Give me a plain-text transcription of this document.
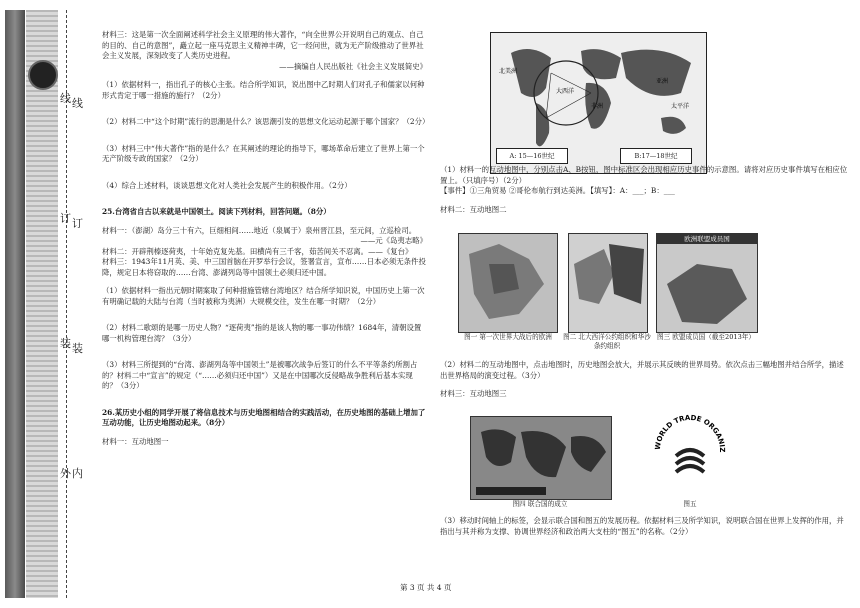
线 线
订 订
装 装
外 内

材料三：这是第一次全面阐述科学社会主义原理的伟大著作，“向全世界公开说明自己的观点、自己的目的、自己的意图”，矗立起一座马克思主义精神丰碑，它一经问世，就为无产阶级推动了世界社会主义发展，深刻改变了人类历史进程。

——摘编自人民出版社《社会主义发展简史》

（1）依据材料一，指出孔子的核心主张。结合所学知识，说出图中乙时期人们对孔子和儒家以何种形式肯定于哪一措施的施行？（2分）

（2）材料二中“这个时期”流行的思潮是什么？该思潮引发的思想文化运动起源于哪个国家？（2分）

（3）材料三中“伟大著作”指的是什么？在其阐述的理论的指导下，哪场革命后建立了世界上第一个无产阶级专政的国家？（2分）

（4）综合上述材料，谈谈思想文化对人类社会发展产生的积极作用。（2分）

25.台湾省自古以来就是中国领土。阅读下列材料，回答问题。（8分）

材料一：（澎湖）岛分三十有六，巨细相间……地近（泉属于）泉州晋江县，至元间，立巡检司。

——元《岛夷志略》

材料二：开辟荆榛逐荷夷，十年始克复先基。田横尚有三千客，茹苦间关不忍离。——《复台》

材料三：1943年11月英、美、中三国首脑在开罗举行会议，签署宣言，宣布……日本必须无条件投降，规定日本将窃取的……台湾、澎湖列岛等中国领土必须归还中国。

（1）依据材料一指出元朝时期案取了何种措施管辖台湾地区？结合所学知识说，中国历史上第一次有明确记载的大陆与台湾（当时被称为夷洲）大规模交往，发生在哪一时期？（2分）

（2）材料二歌颂的是哪一历史人物？“逐荷夷”指的是该人物的哪一事功伟绩？1684年，清朝设置哪一机构管理台湾？（3分）

（3）材料三所提到的“台湾、澎湖列岛等中国领土”是被哪次战争后签订的什么不平等条约所割占的？材料二中“宣言”的规定（“……必须归还中国”）又是在中国哪次反侵略战争胜利后基本实现的？（3分）

26.某历史小组的同学开展了将信息技术与历史地图相结合的实践活动，在历史地图的基础上增加了互动功能，让历史地图动起来。（8分）

材料一：互动地图一

北美洲
非洲
大西洋
亚洲
太平洋
A: 15—16世纪	B:17—18世纪

（1）材料一的互动地图中，分别点击A、B按钮，图中标准区会出现相应历史事件的示意图。请将对应历史事件填写在相应位置上。（只填序号）（2分）

【事件】①三角贸易 ②哥伦布航行到达美洲。【填写】：A：___；B：___

材料二：互动地图二

欧洲联盟成员国
图一 第一次世界大战后的欧洲	图二 北大西洋公约组织和华沙条约组织
图三 欧盟成员国（截至2013年）

（2）材料二的互动地图中，点击地图时，历史地图会放大，并展示其反映的世界局势。依次点击三幅地图并结合所学，描述出世界格局的演变过程。（3分）

材料三：互动地图三

图四 联合国的成立
WORLD TRADE ORGANIZ
图五

（3）移动时间轴上的标签，会显示联合国和图五的发展历程。依据材料三及所学知识，说明联合国在世界上发挥的作用，并指出与其并称为支撑、协调世界经济和政治两大支柱的“图五”的名称。（2分）

第 3 页 共 4 页
